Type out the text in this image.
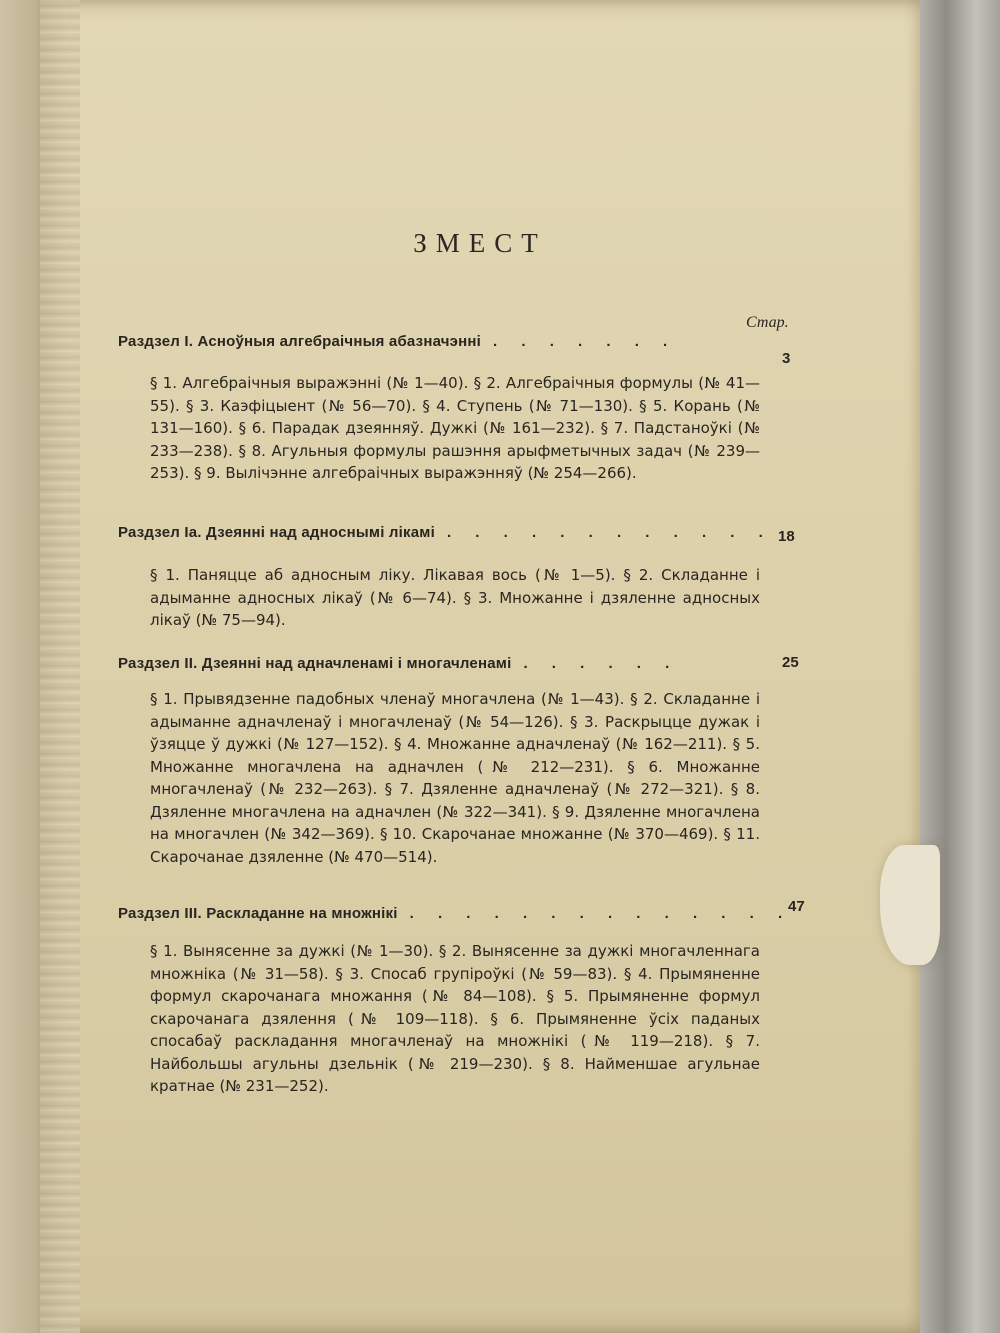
ЗМЕСТ
Стар.
Раздзел I. Асноўныя алгебраічныя абазначэнні . . . . . . .
3
§ 1. Алгебраічныя выражэнні (№ 1—40). § 2. Алгебраічныя формулы (№ 41—55). § 3. Каэфіцыент (№ 56—70). § 4. Ступень (№ 71—130). § 5. Корань (№ 131—160). § 6. Парадак дзеянняў. Дужкі (№ 161—232). § 7. Падстаноўкі (№ 233—238). § 8. Агульныя формулы рашэння арыфметычных задач (№ 239—253). § 9. Вылічэнне алгебраічных выражэнняў (№ 254—266).
Раздзел Іа. Дзеянні над адноснымі лікамі . . . . . . . . . . . . 18
§ 1. Паняцце аб адносным ліку. Лікавая вось (№ 1—5). § 2. Складанне і адыманне адносных лікаў (№ 6—74). § 3. Множанне і дзяленне адносных лікаў (№ 75—94).
Раздзел II. Дзеянні над адначленамі і многачленамі . . . . . .	25
§ 1. Прывядзенне падобных членаў многачлена (№ 1—43). § 2. Складанне і адыманне адначленаў і многачленаў (№ 54—126). § 3. Раскрыцце дужак і ўзяцце ў дужкі (№ 127—152). § 4. Множанне адначленаў (№ 162—211). § 5. Множанне многачлена на адначлен (№ 212—231). § 6. Множанне многачленаў (№ 232—263). § 7. Дзяленне адначленаў (№ 272—321). § 8. Дзяленне многачлена на адначлен (№ 322—341). § 9. Дзяленне многачлена на многачлен (№ 342—369). § 10. Скарочанае множанне (№ 370—469). § 11. Скарочанае дзяленне (№ 470—514).
Раздзел III. Раскладанне на множнікі . . . . . . . . . . . . . .
47
§ 1. Вынясенне за дужкі (№ 1—30). § 2. Вынясенне за дужкі многачленнага множніка (№ 31—58). § 3. Спосаб групіроўкі (№ 59—83). § 4. Прымяненне формул скарочанага множання (№ 84—108). § 5. Прымяненне формул скарочанага дзялення (№ 109—118). § 6. Прымяненне ўсіх паданых спосабаў раскладання многачленаў на множнікі (№ 119—218). § 7. Найбольшы агульны дзельнік (№ 219—230). § 8. Найменшае агульнае кратнае (№ 231—252).
